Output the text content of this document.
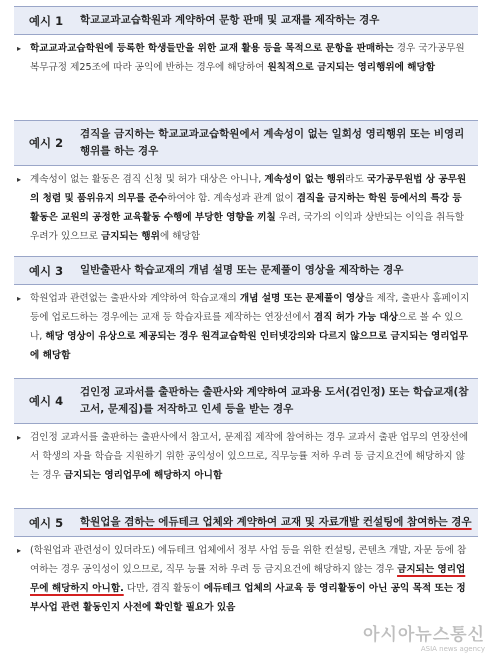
예시 1	학교교과교습학원과 계약하여 문항 판매 및 교재를 제작하는 경우
▸ 학교교과교습학원에 등록한 학생들만을 위한 교재 활용 등을 목적으로 문항을 판매하는 경우 국가공무원복무규정 제25조에 따라 공익에 반하는 경우에 해당하여 원칙적으로 금지되는 영리행위에 해당함
예시 2
겸직을 금지하는 학교교과교습학원에서 계속성이 없는 일회성 영리행위 또는 비영리행위를 하는 경우
▸ 계속성이 없는 활동은 겸직 신청 및 허가 대상은 아니나, 계속성이 없는 행위라도 국가공무원법 상 공무원의 청렴 및 품위유지 의무를 준수하여야 함. 계속성과 관계 없이 겸직을 금지하는 학원 등에서의 특강 등 활동은 교원의 공정한 교육활동 수행에 부당한 영향을 끼칠 우려, 국가의 이익과 상반되는 이익을 취득할 우려가 있으므로 금지되는 행위에 해당함
예시 3	일반출판사 학습교재의 개념 설명 또는 문제풀이 영상을 제작하는 경우
▸ 학원업과 관련없는 출판사와 계약하여 학습교재의 개념 설명 또는 문제풀이 영상을 제작, 출판사 홈페이지 등에 업로드하는 경우에는 교재 등 학습자료를 제작하는 연장선에서 겸직 허가 가능 대상으로 볼 수 있으나, 해당 영상이 유상으로 제공되는 경우 원격교습학원 인터넷강의와 다르지 않으므로 금지되는 영리업무에 해당함
예시 4
검인정 교과서를 출판하는 출판사와 계약하여 교과용 도서(검인정) 또는 학습교재(참고서, 문제집)를 저작하고 인세 등을 받는 경우
▸ 검인정 교과서를 출판하는 출판사에서 참고서, 문제집 제작에 참여하는 경우 교과서 출판 업무의 연장선에서 학생의 자율 학습을 지원하기 위한 공익성이 있으므로, 직무능률 저하 우려 등 금지요건에 해당하지 않는 경우 금지되는 영리업무에 해당하지 아니함
예시 5	학원업을 겸하는 에듀테크 업체와 계약하여 교재 및 자료개발 컨설팅에 참여하는 경우
▸ (학원업과 관련성이 있더라도) 에듀테크 업체에서 정부 사업 등을 위한 컨설팅, 콘텐츠 개발, 자문 등에 참여하는 경우 공익성이 있으므로, 직무 능률 저하 우려 등 금지요건에 해당하지 않는 경우 금지되는 영리업무에 해당하지 아니함. 다만, 겸직 활동이 에듀테크 업체의 사교육 등 영리활동이 아닌 공익 목적 또는 정부사업 관련 활동인지 사전에 확인할 필요가 있음
아시아뉴스통신
ASIA news agency
